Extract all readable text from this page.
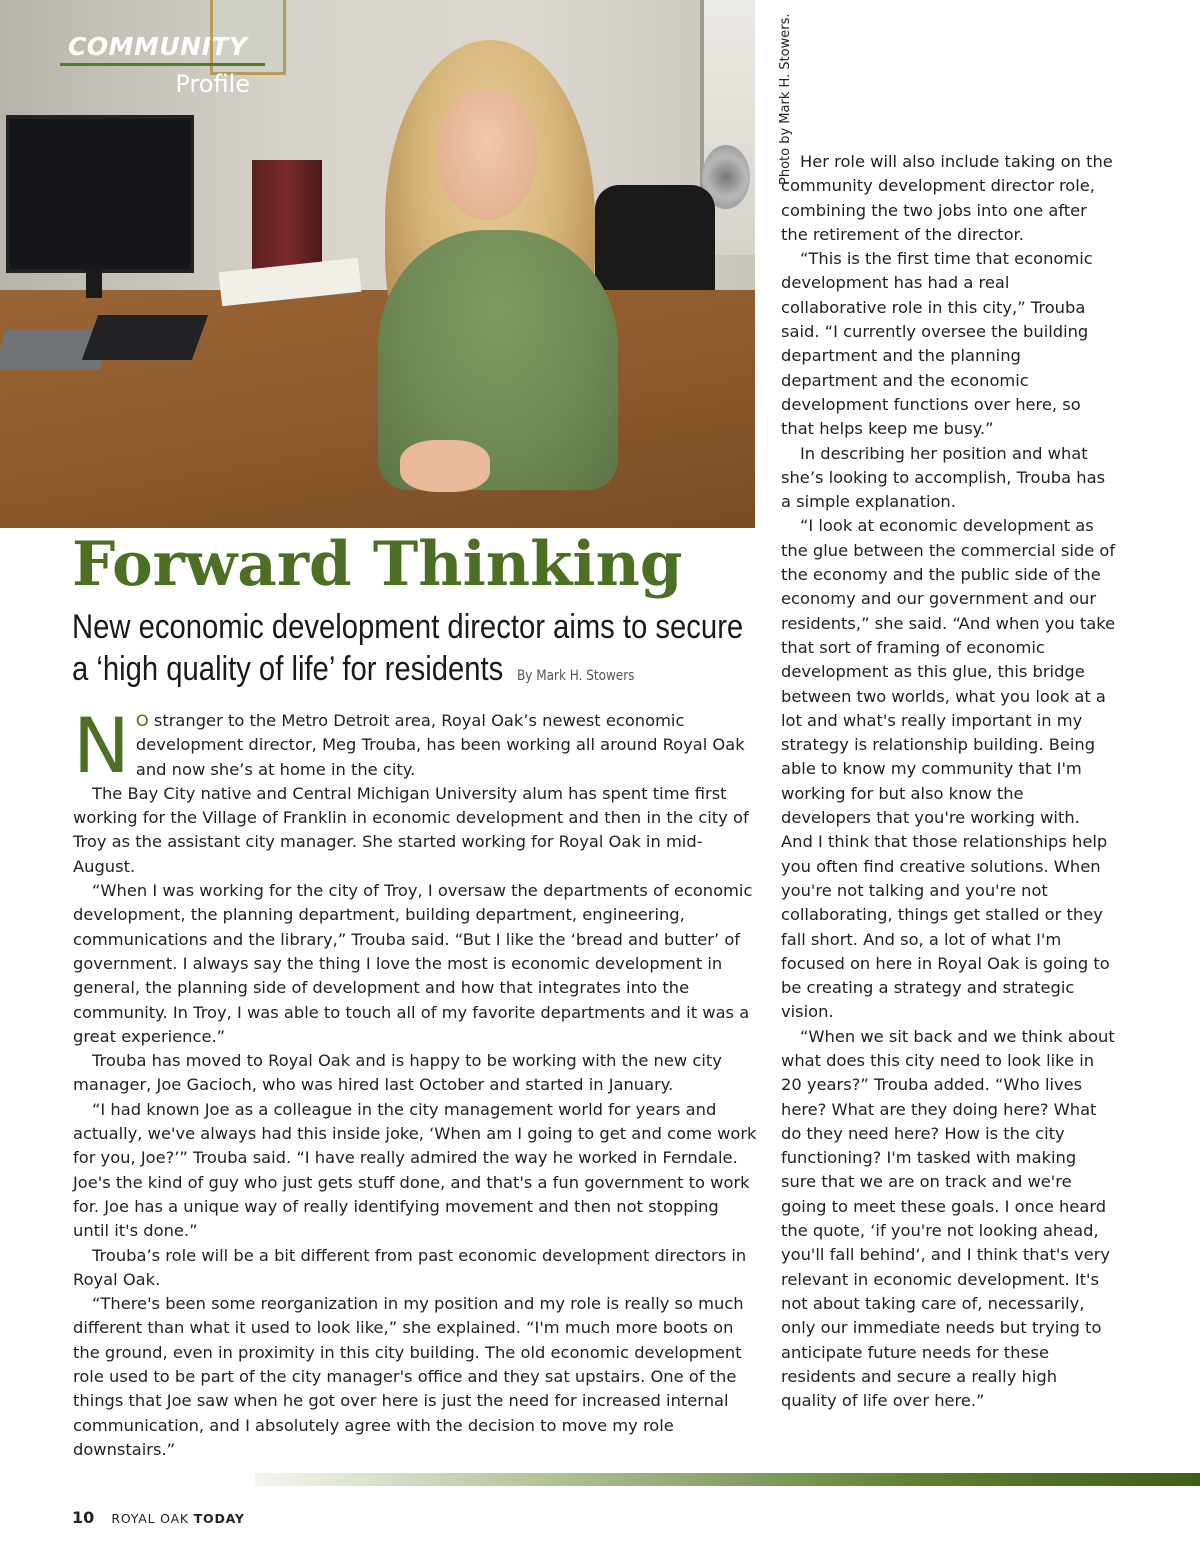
COMMUNITY
Profile	Photo by Mark H. Stowers.
Forward Thinking
New economic development director aims to secure a ‘high quality of life’ for residents By Mark H. Stowers

N O stranger to the Metro Detroit area, Royal Oak’s newest economic development director, Meg Trouba, has been working all around Royal Oak and now she’s at home in the city.

The Bay City native and Central Michigan University alum has spent time first working for the Village of Franklin in economic development and then in the city of Troy as the assistant city manager. She started working for Royal Oak in mid-August.

“When I was working for the city of Troy, I oversaw the departments of economic development, the planning department, building department, engineering, communications and the library,” Trouba said. “But I like the ‘bread and butter’ of government. I always say the thing I love the most is economic development in general, the planning side of development and how that integrates into the community. In Troy, I was able to touch all of my favorite departments and it was a great experience.”

Trouba has moved to Royal Oak and is happy to be working with the new city manager, Joe Gacioch, who was hired last October and started in January.

“I had known Joe as a colleague in the city management world for years and actually, we've always had this inside joke, ‘When am I going to get and come work for you, Joe?’” Trouba said. “I have really admired the way he worked in Ferndale. Joe's the kind of guy who just gets stuff done, and that's a fun government to work for. Joe has a unique way of really identifying movement and then not stopping until it's done.”

Trouba’s role will be a bit different from past economic development directors in Royal Oak.

“There's been some reorganization in my position and my role is really so much different than what it used to look like,” she explained. “I'm much more boots on the ground, even in proximity in this city building. The old economic development role used to be part of the city manager's office and they sat upstairs. One of the things that Joe saw when he got over here is just the need for increased internal communication, and I absolutely agree with the decision to move my role downstairs.”

Her role will also include taking on the community development director role, combining the two jobs into one after the retirement of the director.

“This is the first time that economic development has had a real collaborative role in this city,” Trouba said. “I currently oversee the building department and the planning department and the economic development functions over here, so that helps keep me busy.”

In describing her position and what she’s looking to accomplish, Trouba has a simple explanation.

“I look at economic development as the glue between the commercial side of the economy and the public side of the economy and our government and our residents,” she said. “And when you take that sort of framing of economic development as this glue, this bridge between two worlds, what you look at a lot and what's really important in my strategy is relationship building. Being able to know my community that I'm working for but also know the developers that you're working with. And I think that those relationships help you often find creative solutions. When you're not talking and you're not collaborating, things get stalled or they fall short. And so, a lot of what I'm focused on here in Royal Oak is going to be creating a strategy and strategic vision.

“When we sit back and we think about what does this city need to look like in 20 years?” Trouba added. “Who lives here? What are they doing here? What do they need here? How is the city functioning? I'm tasked with making sure that we are on track and we're going to meet these goals. I once heard the quote, ‘if you're not looking ahead, you'll fall behind‘, and I think that's very relevant in economic development. It's not about taking care of, necessarily, only our immediate needs but trying to anticipate future needs for these residents and secure a really high quality of life over here.”

10 ROYAL OAK TODAY
